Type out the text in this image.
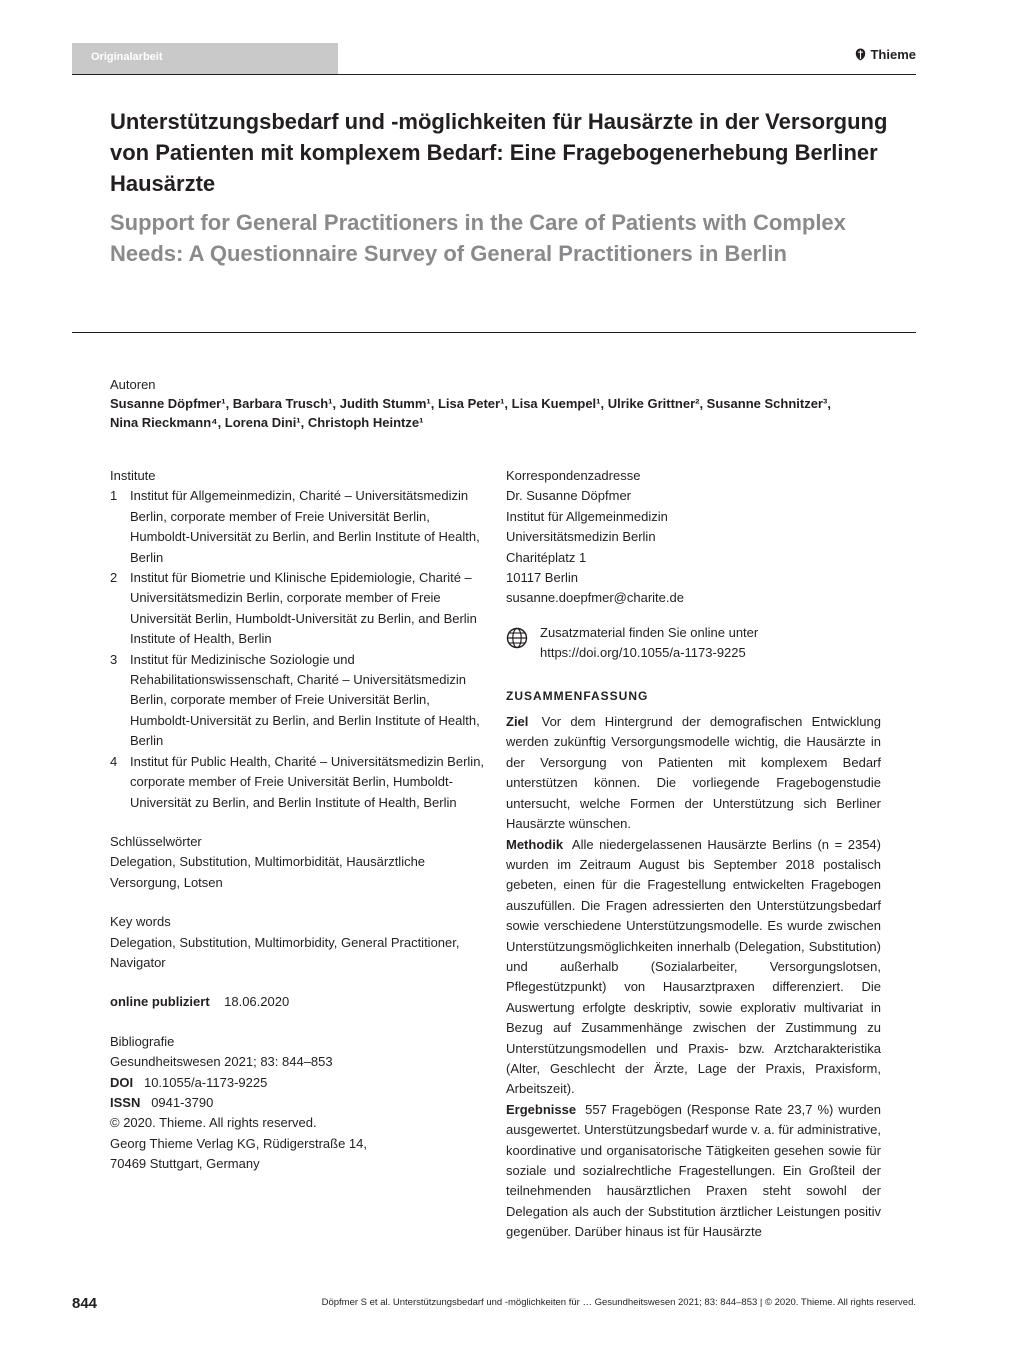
Originalarbeit	Thieme
Unterstützungsbedarf und -möglichkeiten für Hausärzte in der Versorgung von Patienten mit komplexem Bedarf: Eine Fragebogenerhebung Berliner Hausärzte
Support for General Practitioners in the Care of Patients with Complex Needs: A Questionnaire Survey of General Practitioners in Berlin
Autoren
Susanne Döpfmer¹, Barbara Trusch¹, Judith Stumm¹, Lisa Peter¹, Lisa Kuempel¹, Ulrike Grittner², Susanne Schnitzer³,
Nina Rieckmann⁴, Lorena Dini¹, Christoph Heintze¹
Institute
1 Institut für Allgemeinmedizin, Charité – Universitätsmedizin Berlin, corporate member of Freie Universität Berlin, Humboldt-Universität zu Berlin, and Berlin Institute of Health, Berlin
2 Institut für Biometrie und Klinische Epidemiologie, Charité – Universitätsmedizin Berlin, corporate member of Freie Universität Berlin, Humboldt-Universität zu Berlin, and Berlin Institute of Health, Berlin
3 Institut für Medizinische Soziologie und Rehabilitationswissenschaft, Charité – Universitätsmedizin Berlin, corporate member of Freie Universität Berlin, Humboldt-Universität zu Berlin, and Berlin Institute of Health, Berlin
4 Institut für Public Health, Charité – Universitätsmedizin Berlin, corporate member of Freie Universität Berlin, Humboldt-Universität zu Berlin, and Berlin Institute of Health, Berlin
Schlüsselwörter
Delegation, Substitution, Multimorbidität, Hausärztliche Versorgung, Lotsen
Key words
Delegation, Substitution, Multimorbidity, General Practitioner, Navigator
online publiziert 18.06.2020
Bibliografie
Gesundheitswesen 2021; 83: 844–853
DOI 10.1055/a-1173-9225
ISSN 0941-3790
© 2020. Thieme. All rights reserved.
Georg Thieme Verlag KG, Rüdigerstraße 14,
70469 Stuttgart, Germany

Korrespondenzadresse

Dr. Susanne Döpfmer

Institut für Allgemeinmedizin

Universitätsmedizin Berlin

Charitéplatz 1

10117 Berlin

susanne.doepfmer@charite.de

Zusatzmaterial finden Sie online unter https://doi.org/10.1055/a-1173-9225
ZUSAMMENFASSUNG

Ziel Vor dem Hintergrund der demografischen Entwicklung werden zukünftig Versorgungsmodelle wichtig, die Hausärzte in der Versorgung von Patienten mit komplexem Bedarf unterstützen können. Die vorliegende Fragebogenstudie untersucht, welche Formen der Unterstützung sich Berliner Hausärzte wünschen.

Methodik Alle niedergelassenen Hausärzte Berlins (n = 2354) wurden im Zeitraum August bis September 2018 postalisch gebeten, einen für die Fragestellung entwickelten Fragebogen auszufüllen. Die Fragen adressierten den Unterstützungsbedarf sowie verschiedene Unterstützungsmodelle. Es wurde zwischen Unterstützungsmöglichkeiten innerhalb (Delegation, Substitution) und außerhalb (Sozialarbeiter, Versorgungslotsen, Pflegestützpunkt) von Hausarztpraxen differenziert. Die Auswertung erfolgte deskriptiv, sowie explorativ multivariat in Bezug auf Zusammenhänge zwischen der Zustimmung zu Unterstützungsmodellen und Praxis- bzw. Arztcharakteristika (Alter, Geschlecht der Ärzte, Lage der Praxis, Praxisform, Arbeitszeit).

Ergebnisse 557 Fragebögen (Response Rate 23,7 %) wurden ausgewertet. Unterstützungsbedarf wurde v. a. für administrative, koordinative und organisatorische Tätigkeiten gesehen sowie für soziale und sozialrechtliche Fragestellungen. Ein Großteil der teilnehmenden hausärztlichen Praxen steht sowohl der Delegation als auch der Substitution ärztlicher Leistungen positiv gegenüber. Darüber hinaus ist für Hausärzte

844	Döpfmer S et al. Unterstützungsbedarf und -möglichkeiten für … Gesundheitswesen 2021; 83: 844–853 | © 2020. Thieme. All rights reserved.
